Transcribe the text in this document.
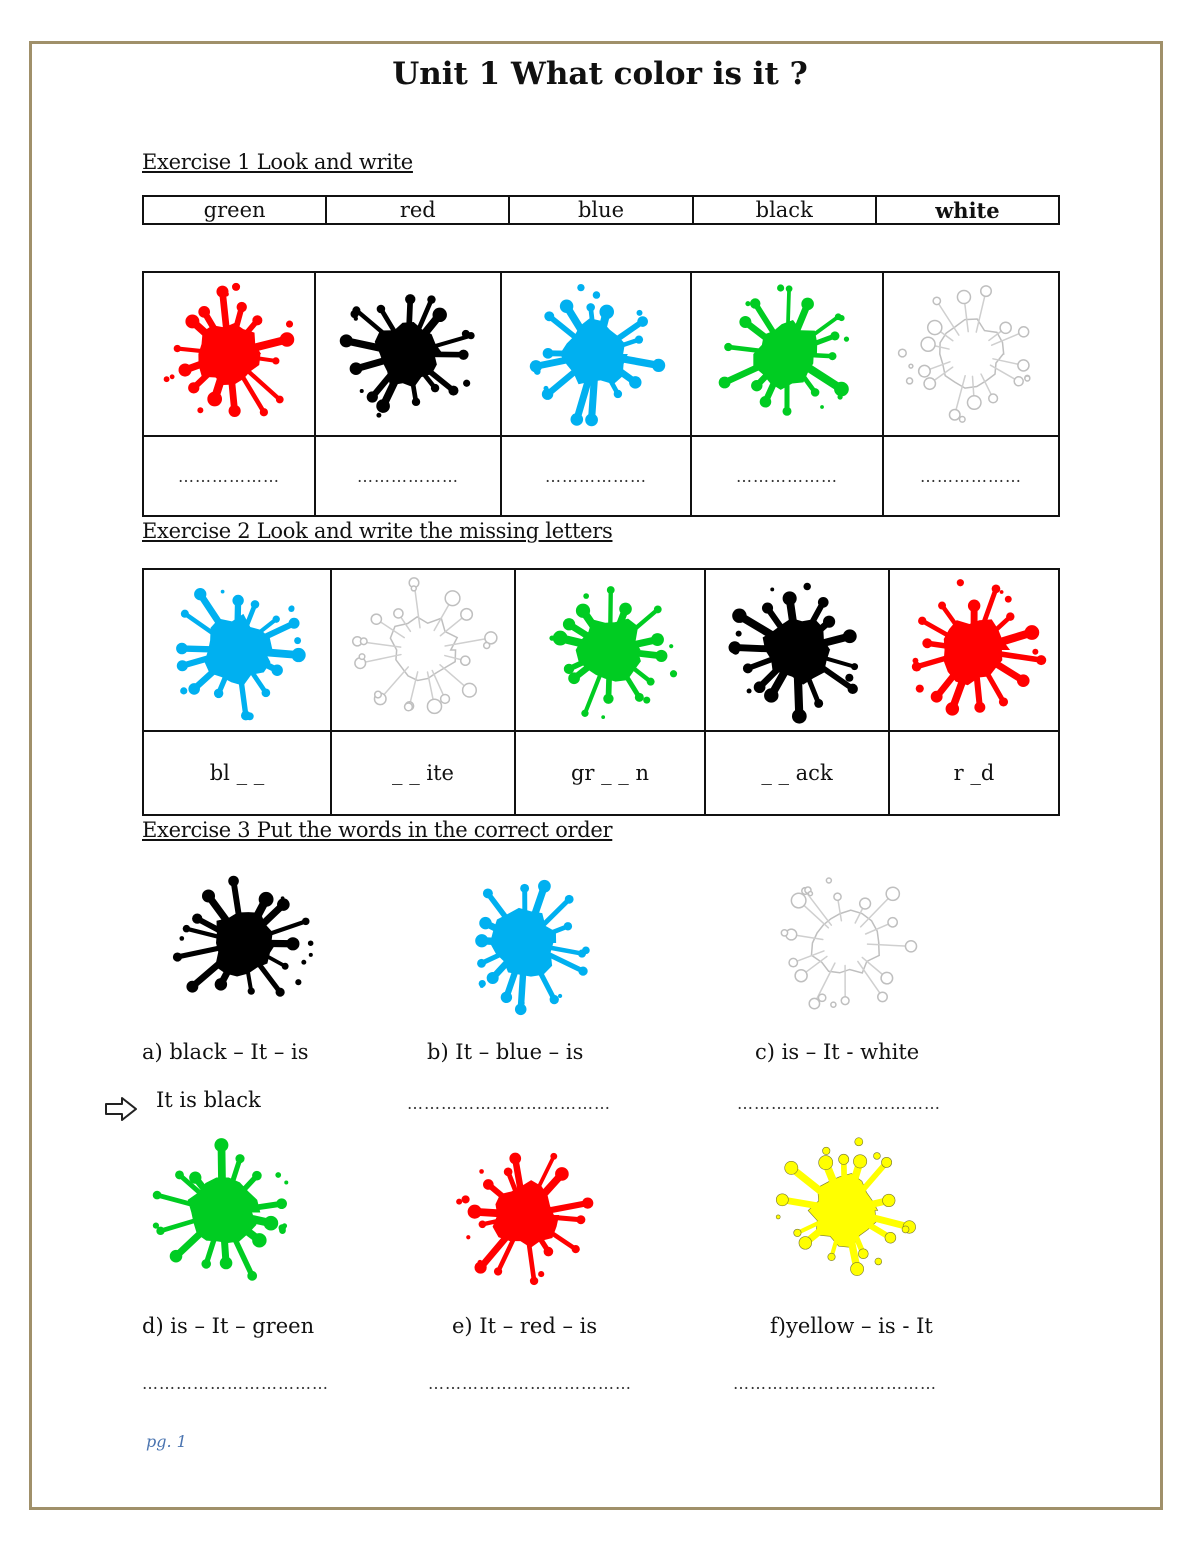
Unit 1 What color is it ?
Exercise 1 Look and write
green	red	blue	black	white

………………	………………	………………	………………	………………
Exercise 2 Look and write the missing letters

bl _ _	_ _ ite	gr _ _ n	_ _ ack	r _d
Exercise 3 Put the words in the correct order
a) black – It – is	b) It – blue – is	c) is – It - white
It is black	………………………………	………………………………
d) is – It – green	e) It – red – is	f)yellow – is - It
……………………………	………………………………	………………………………
pg. 1
